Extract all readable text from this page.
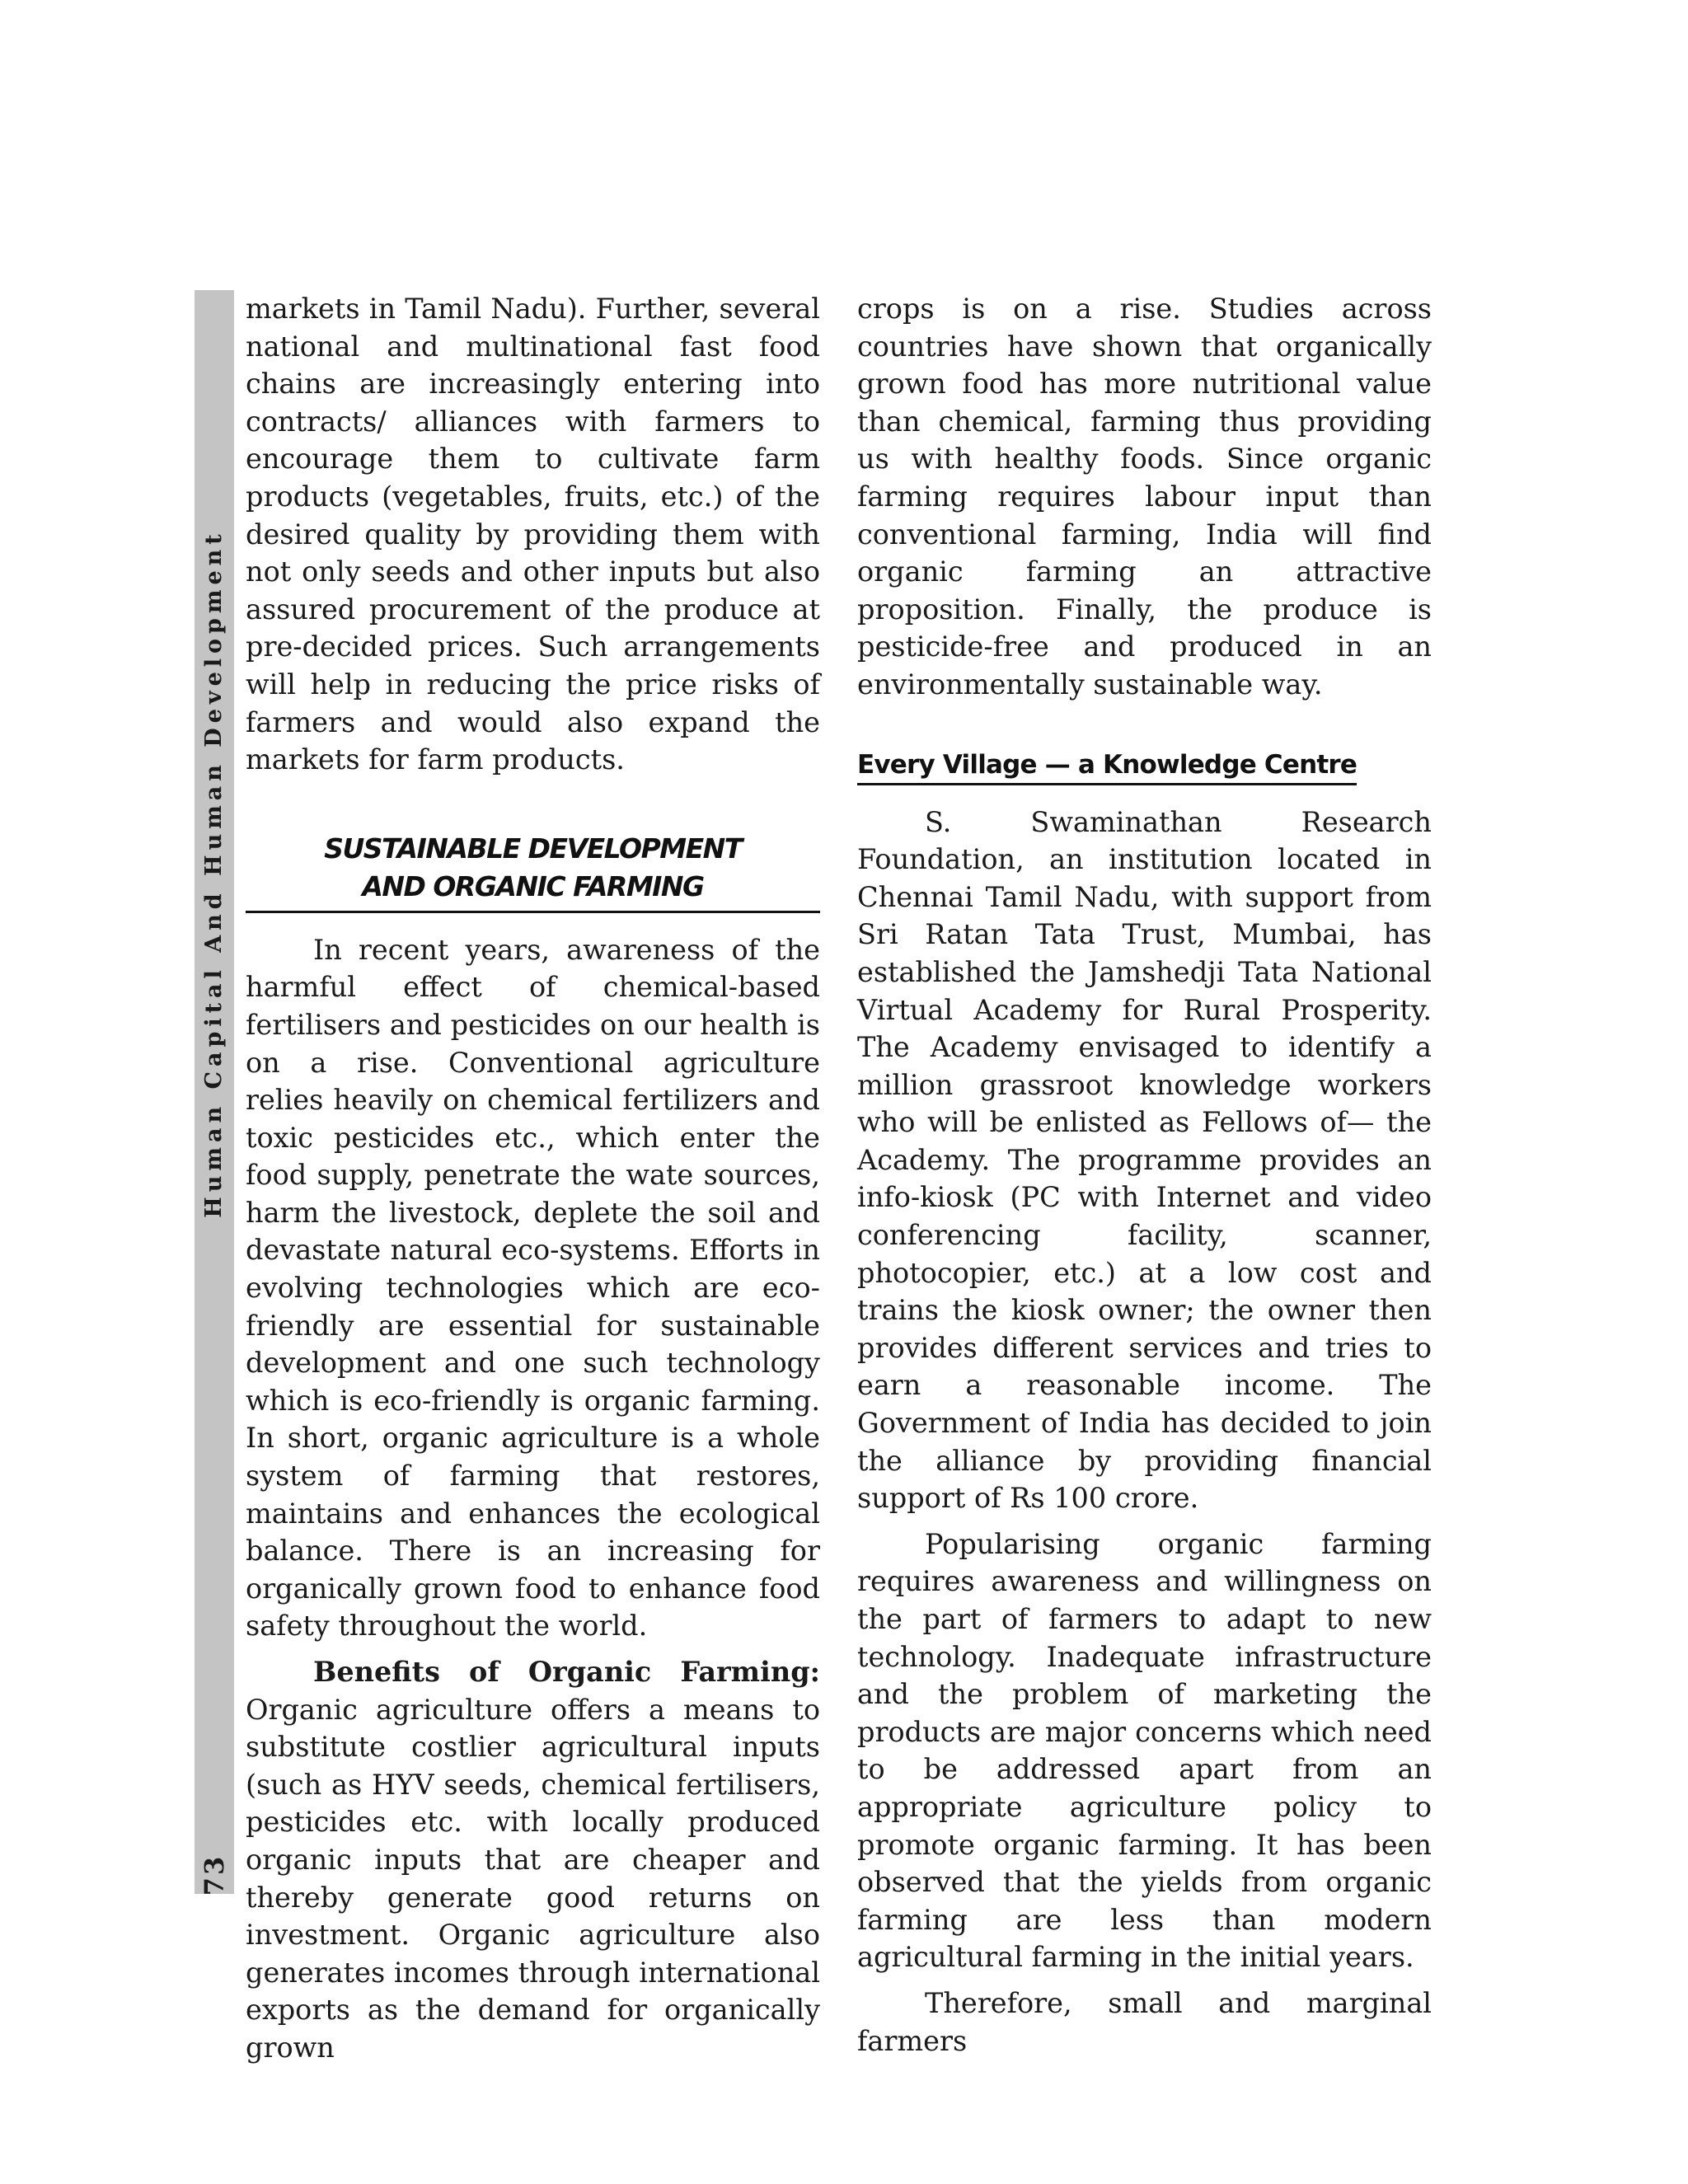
Human Capital And Human Development
73

markets in Tamil Nadu). Further, several national and multinational fast food chains are increasingly entering into contracts/ alliances with farmers to encourage them to cultivate farm products (vegetables, fruits, etc.) of the desired quality by providing them with not only seeds and other inputs but also assured procurement of the produce at pre-decided prices. Such arrangements will help in reducing the price risks of farmers and would also expand the markets for farm products.

SUSTAINABLE DEVELOPMENT
AND ORGANIC FARMING

In recent years, awareness of the harmful effect of chemical-based fertilisers and pesticides on our health is on a rise. Conventional agriculture relies heavily on chemical fertilizers and toxic pesticides etc., which enter the food supply, penetrate the wate sources, harm the livestock, deplete the soil and devastate natural eco-systems. Efforts in evolving technologies which are eco-friendly are essential for sustainable development and one such technology which is eco-friendly is organic farming. In short, organic agriculture is a whole system of farming that restores, maintains and enhances the ecological balance. There is an increasing for organically grown food to enhance food safety throughout the world.

Benefits of Organic Farming: Organic agriculture offers a means to substitute costlier agricultural inputs (such as HYV seeds, chemical fertilisers, pesticides etc. with locally produced organic inputs that are cheaper and thereby generate good returns on investment. Organic agriculture also generates incomes through international exports as the demand for organically grown

crops is on a rise. Studies across countries have shown that organically grown food has more nutritional value than chemical, farming thus providing us with healthy foods. Since organic farming requires labour input than conventional farming, India will find organic farming an attractive proposition. Finally, the produce is pesticide-free and produced in an environmentally sustainable way.

Every Village — a Knowledge Centre

S. Swaminathan Research Foundation, an institution located in Chennai Tamil Nadu, with support from Sri Ratan Tata Trust, Mumbai, has established the Jamshedji Tata National Virtual Academy for Rural Prosperity. The Academy envisaged to identify a million grassroot knowledge workers who will be enlisted as Fellows of— the Academy. The programme provides an info-kiosk (PC with Internet and video conferencing facility, scanner, photocopier, etc.) at a low cost and trains the kiosk owner; the owner then provides different services and tries to earn a reasonable income. The Government of India has decided to join the alliance by providing financial support of Rs 100 crore.

Popularising organic farming requires awareness and willingness on the part of farmers to adapt to new technology. Inadequate infrastructure and the problem of marketing the products are major concerns which need to be addressed apart from an appropriate agriculture policy to promote organic farming. It has been observed that the yields from organic farming are less than modern agricultural farming in the initial years.

Therefore, small and marginal farmers
